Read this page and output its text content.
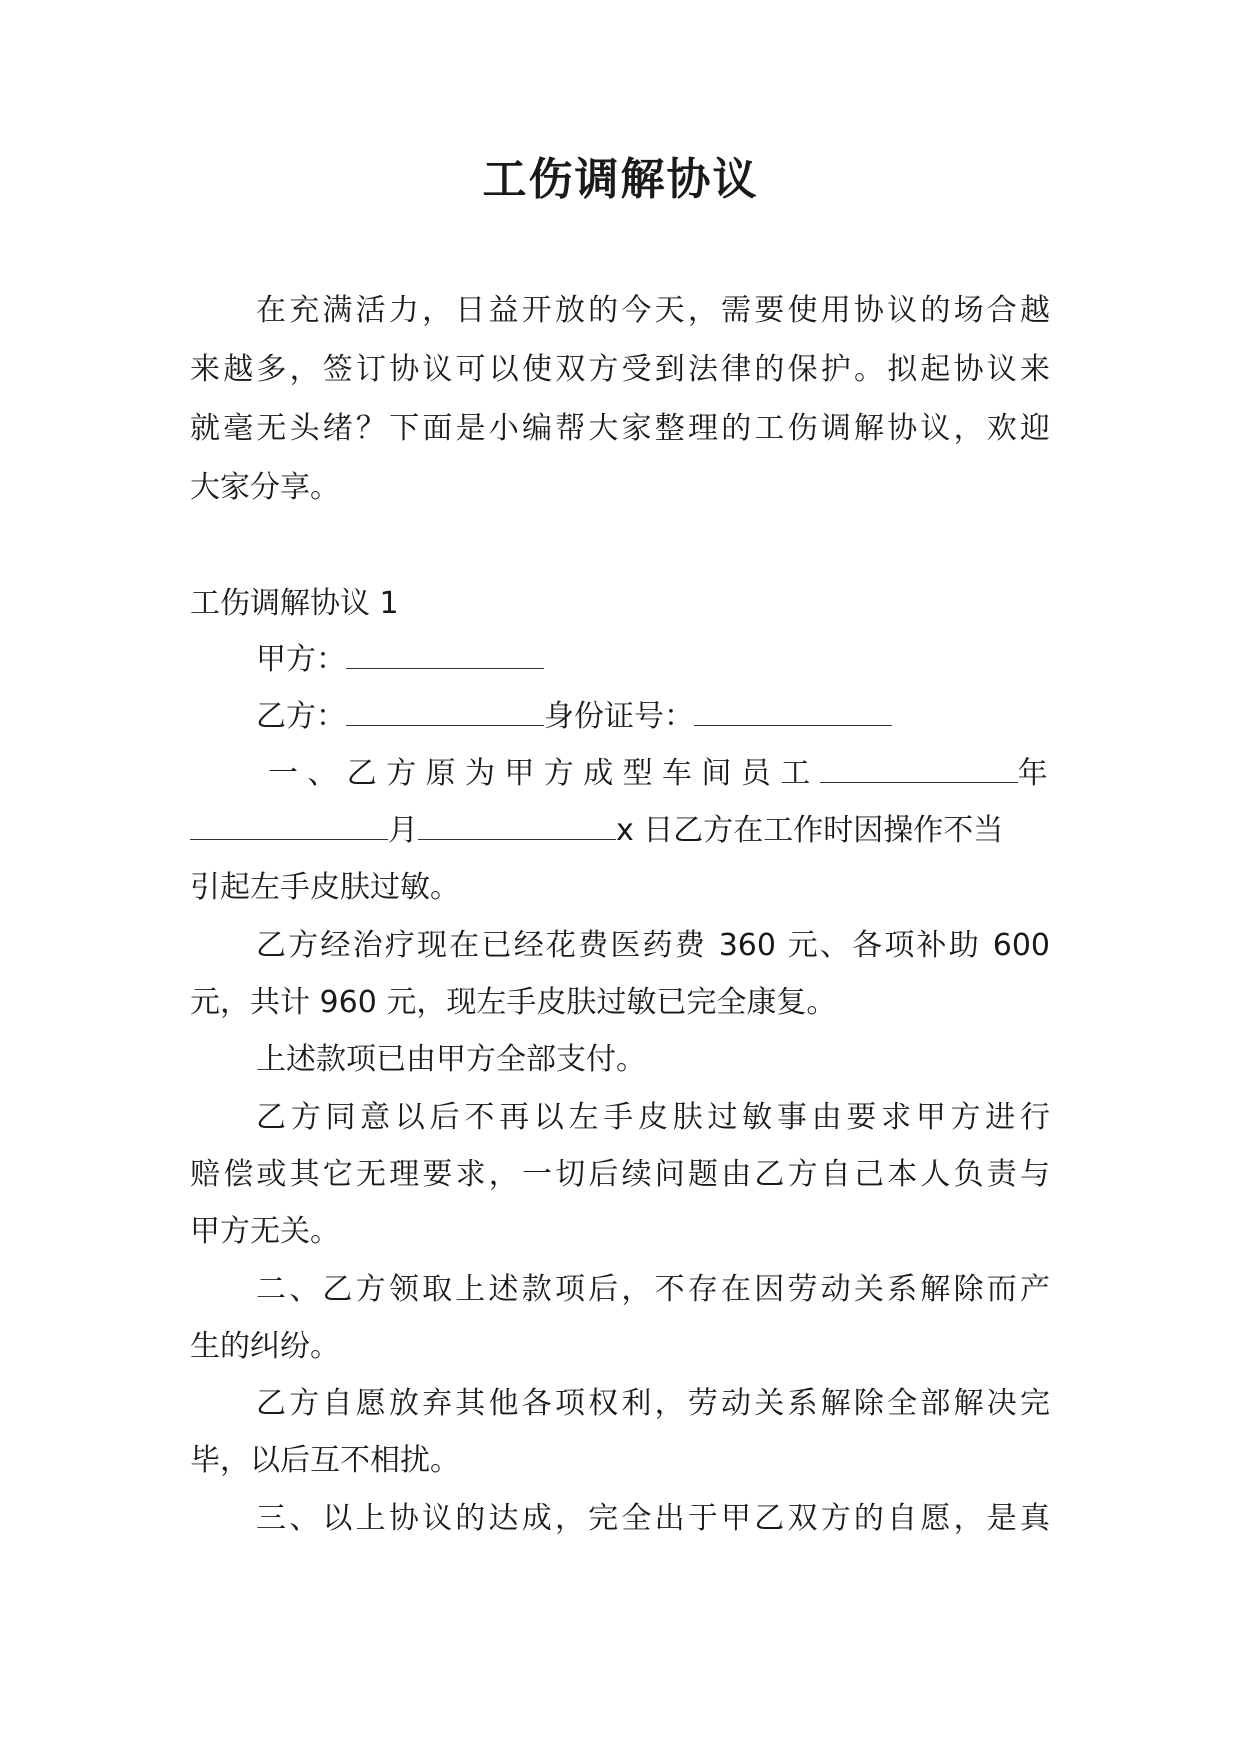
工伤调解协议
在充满活力，日益开放的今天，需要使用协议的场合越
来越多，签订协议可以使双方受到法律的保护。拟起协议来
就毫无头绪？下面是小编帮大家整理的工伤调解协议，欢迎
大家分享。
工伤调解协议 1
甲方：
乙方：	身份证号：
一、乙方原为甲方成型车间员工	年
月	x 日乙方在工作时因操作不当
引起左手皮肤过敏。
乙方经治疗现在已经花费医药费 360 元、各项补助 600
元，共计 960 元，现左手皮肤过敏已完全康复。
上述款项已由甲方全部支付。
乙方同意以后不再以左手皮肤过敏事由要求甲方进行
赔偿或其它无理要求，一切后续问题由乙方自己本人负责与
甲方无关。
二、乙方领取上述款项后，不存在因劳动关系解除而产
生的纠纷。
乙方自愿放弃其他各项权利，劳动关系解除全部解决完
毕，以后互不相扰。
三、以上协议的达成，完全出于甲乙双方的自愿，是真
